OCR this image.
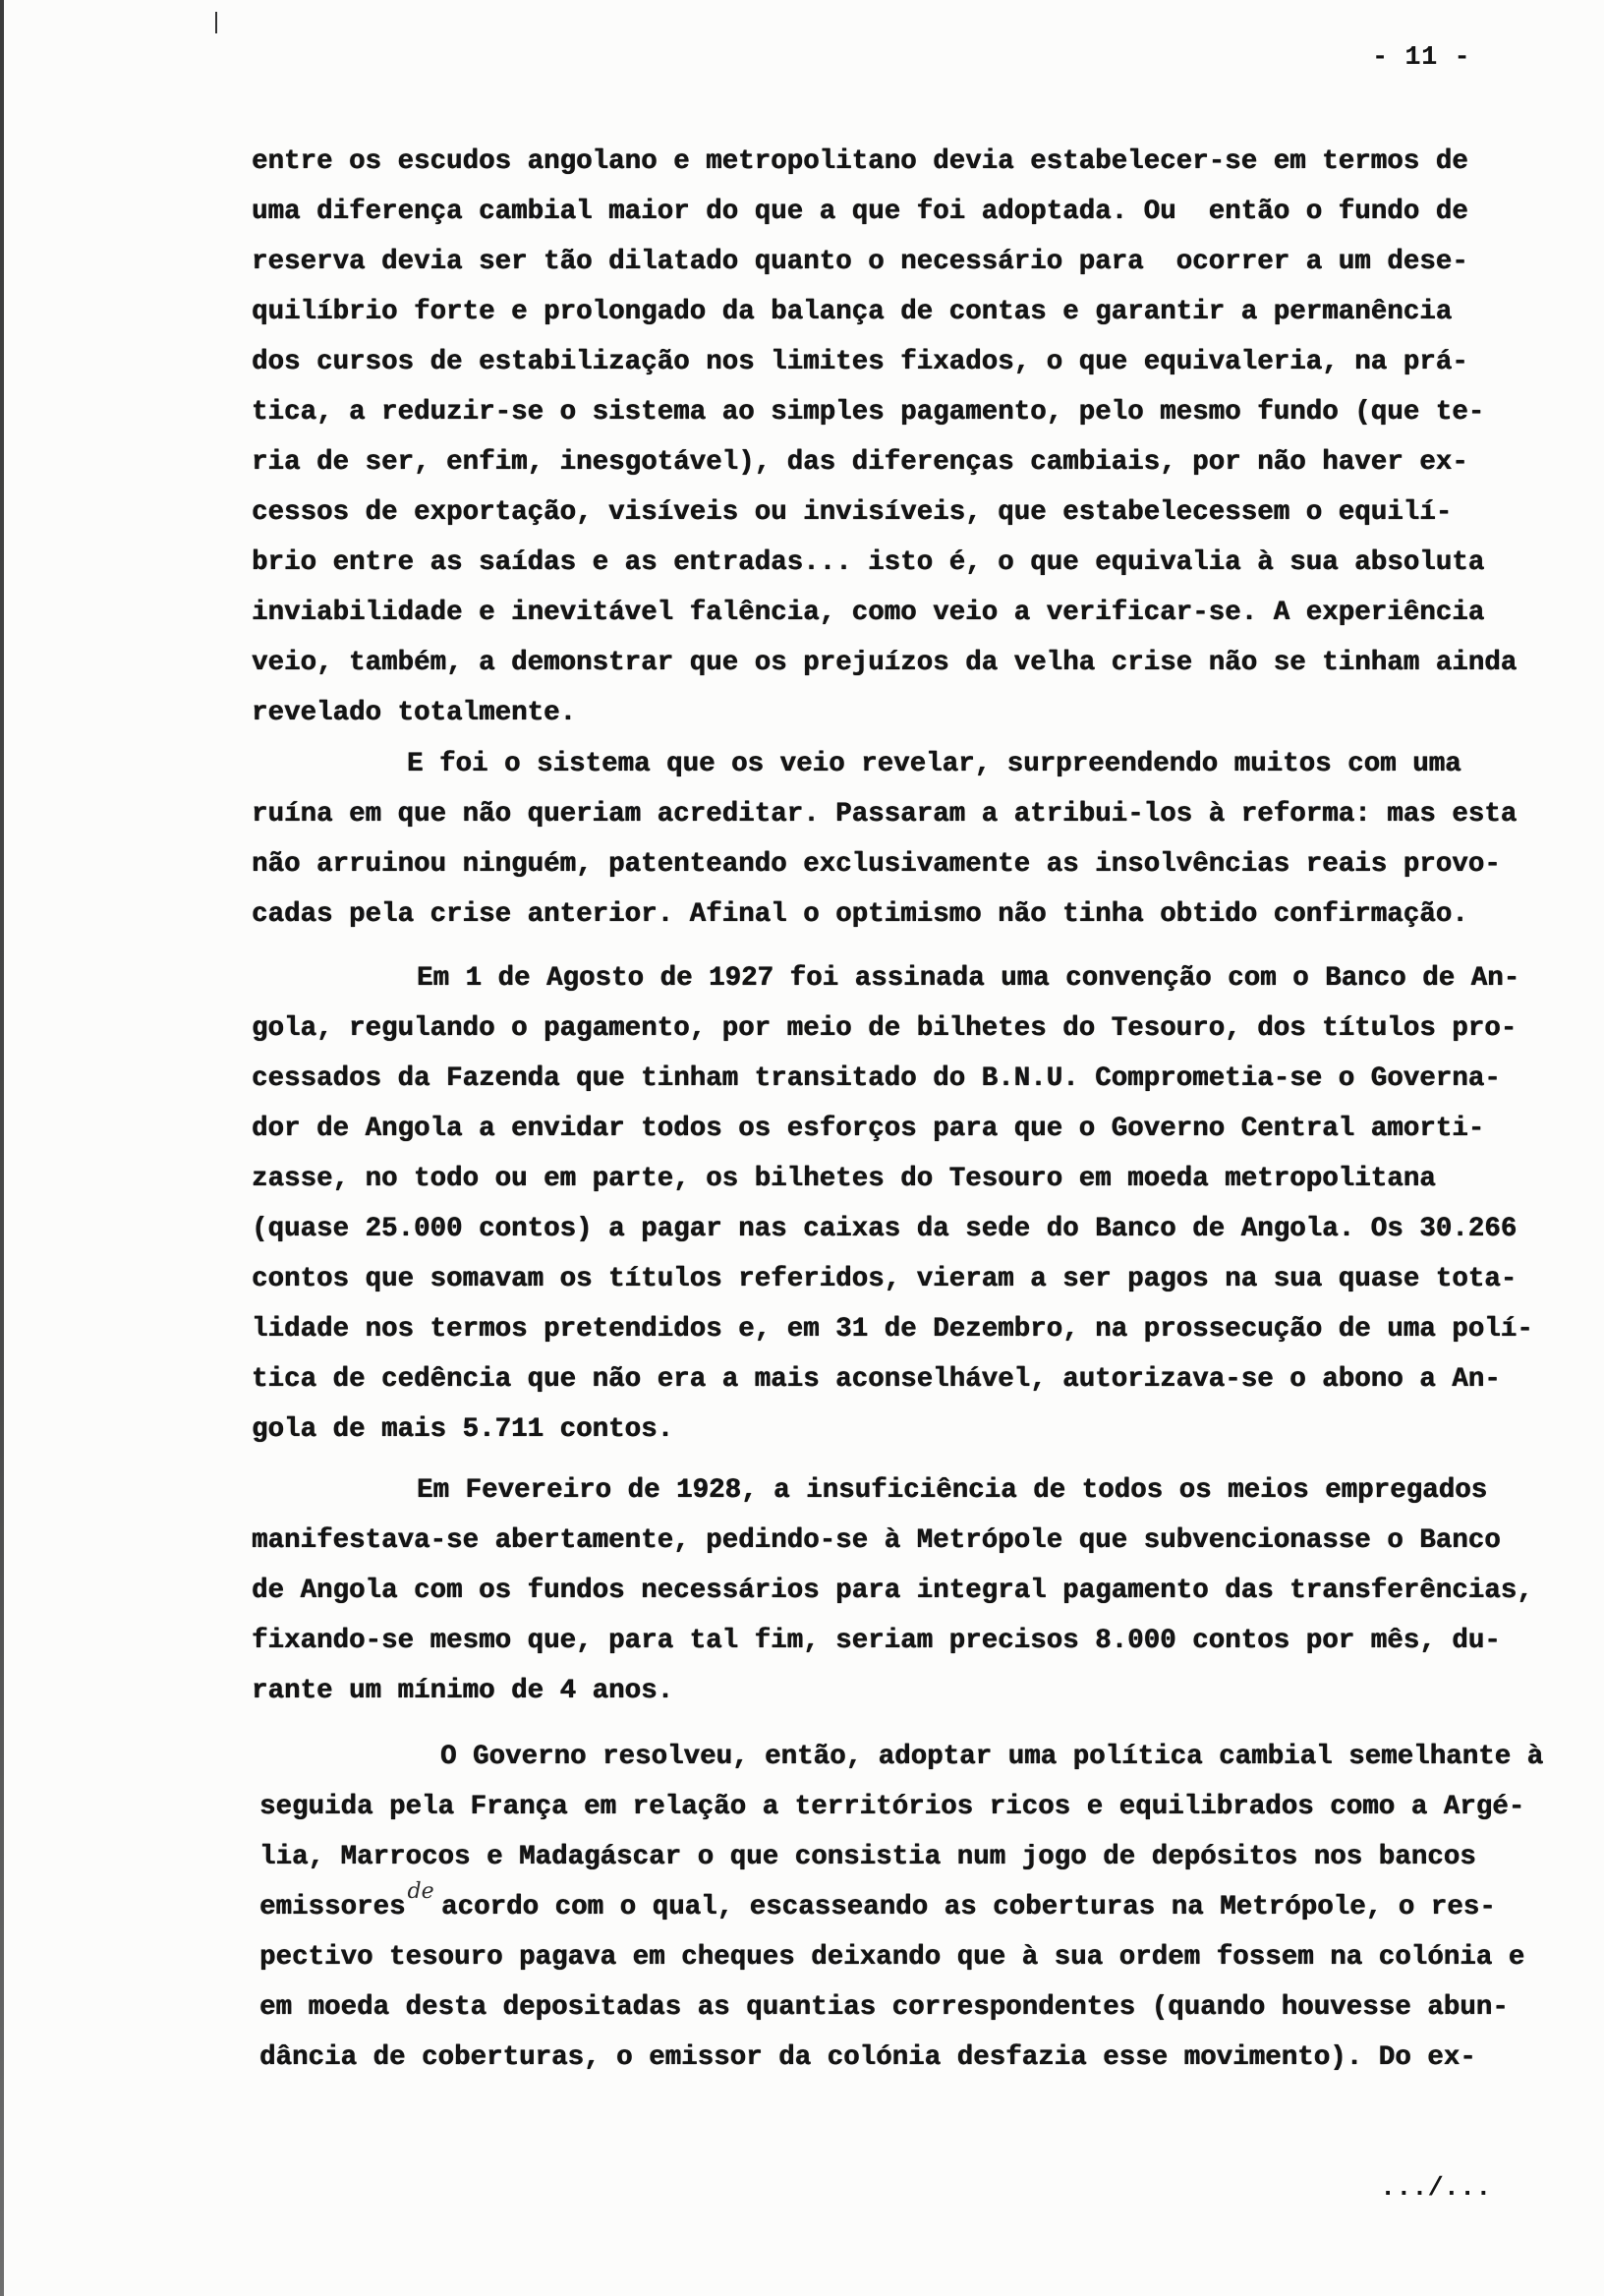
- 11 -
entre os escudos angolano e metropolitano devia estabelecer-se em termos de
uma diferença cambial maior do que a que foi adoptada. Ou  então o fundo de
reserva devia ser tão dilatado quanto o necessário para  ocorrer a um dese-
quilíbrio forte e prolongado da balança de contas e garantir a permanência
dos cursos de estabilização nos limites fixados, o que equivaleria, na prá-
tica, a reduzir-se o sistema ao simples pagamento, pelo mesmo fundo (que te-
ria de ser, enfim, inesgotável), das diferenças cambiais, por não haver ex-
cessos de exportação, visíveis ou invisíveis, que estabelecessem o equilí-
brio entre as saídas e as entradas... isto é, o que equivalia à sua absoluta
inviabilidade e inevitável falência, como veio a verificar-se. A experiência
veio, também, a demonstrar que os prejuízos da velha crise não se tinham ainda
revelado totalmente.
E foi o sistema que os veio revelar, surpreendendo muitos com uma
ruína em que não queriam acreditar. Passaram a atribui-los à reforma: mas esta
não arruinou ninguém, patenteando exclusivamente as insolvências reais provo-
cadas pela crise anterior. Afinal o optimismo não tinha obtido confirmação.
Em 1 de Agosto de 1927 foi assinada uma convenção com o Banco de An-
gola, regulando o pagamento, por meio de bilhetes do Tesouro, dos títulos pro-
cessados da Fazenda que tinham transitado do B.N.U. Comprometia-se o Governa-
dor de Angola a envidar todos os esforços para que o Governo Central amorti-
zasse, no todo ou em parte, os bilhetes do Tesouro em moeda metropolitana
(quase 25.000 contos) a pagar nas caixas da sede do Banco de Angola. Os 30.266
contos que somavam os títulos referidos, vieram a ser pagos na sua quase tota-
lidade nos termos pretendidos e, em 31 de Dezembro, na prossecução de uma polí-
tica de cedência que não era a mais aconselhável, autorizava-se o abono a An-
gola de mais 5.711 contos.
Em Fevereiro de 1928, a insuficiência de todos os meios empregados
manifestava-se abertamente, pedindo-se à Metrópole que subvencionasse o Banco
de Angola com os fundos necessários para integral pagamento das transferências,
fixando-se mesmo que, para tal fim, seriam precisos 8.000 contos por mês, du-
rante um mínimo de 4 anos.
O Governo resolveu, então, adoptar uma política cambial semelhante à
seguida pela França em relação a territórios ricos e equilibrados como a Argé-
lia, Marrocos e Madagáscar o que consistia num jogo de depósitos nos bancos
emissoresde acordo com o qual, escasseando as coberturas na Metrópole, o res-
pectivo tesouro pagava em cheques deixando que à sua ordem fossem na colónia e
em moeda desta depositadas as quantias correspondentes (quando houvesse abun-
dância de coberturas, o emissor da colónia desfazia esse movimento). Do ex-
.../...
